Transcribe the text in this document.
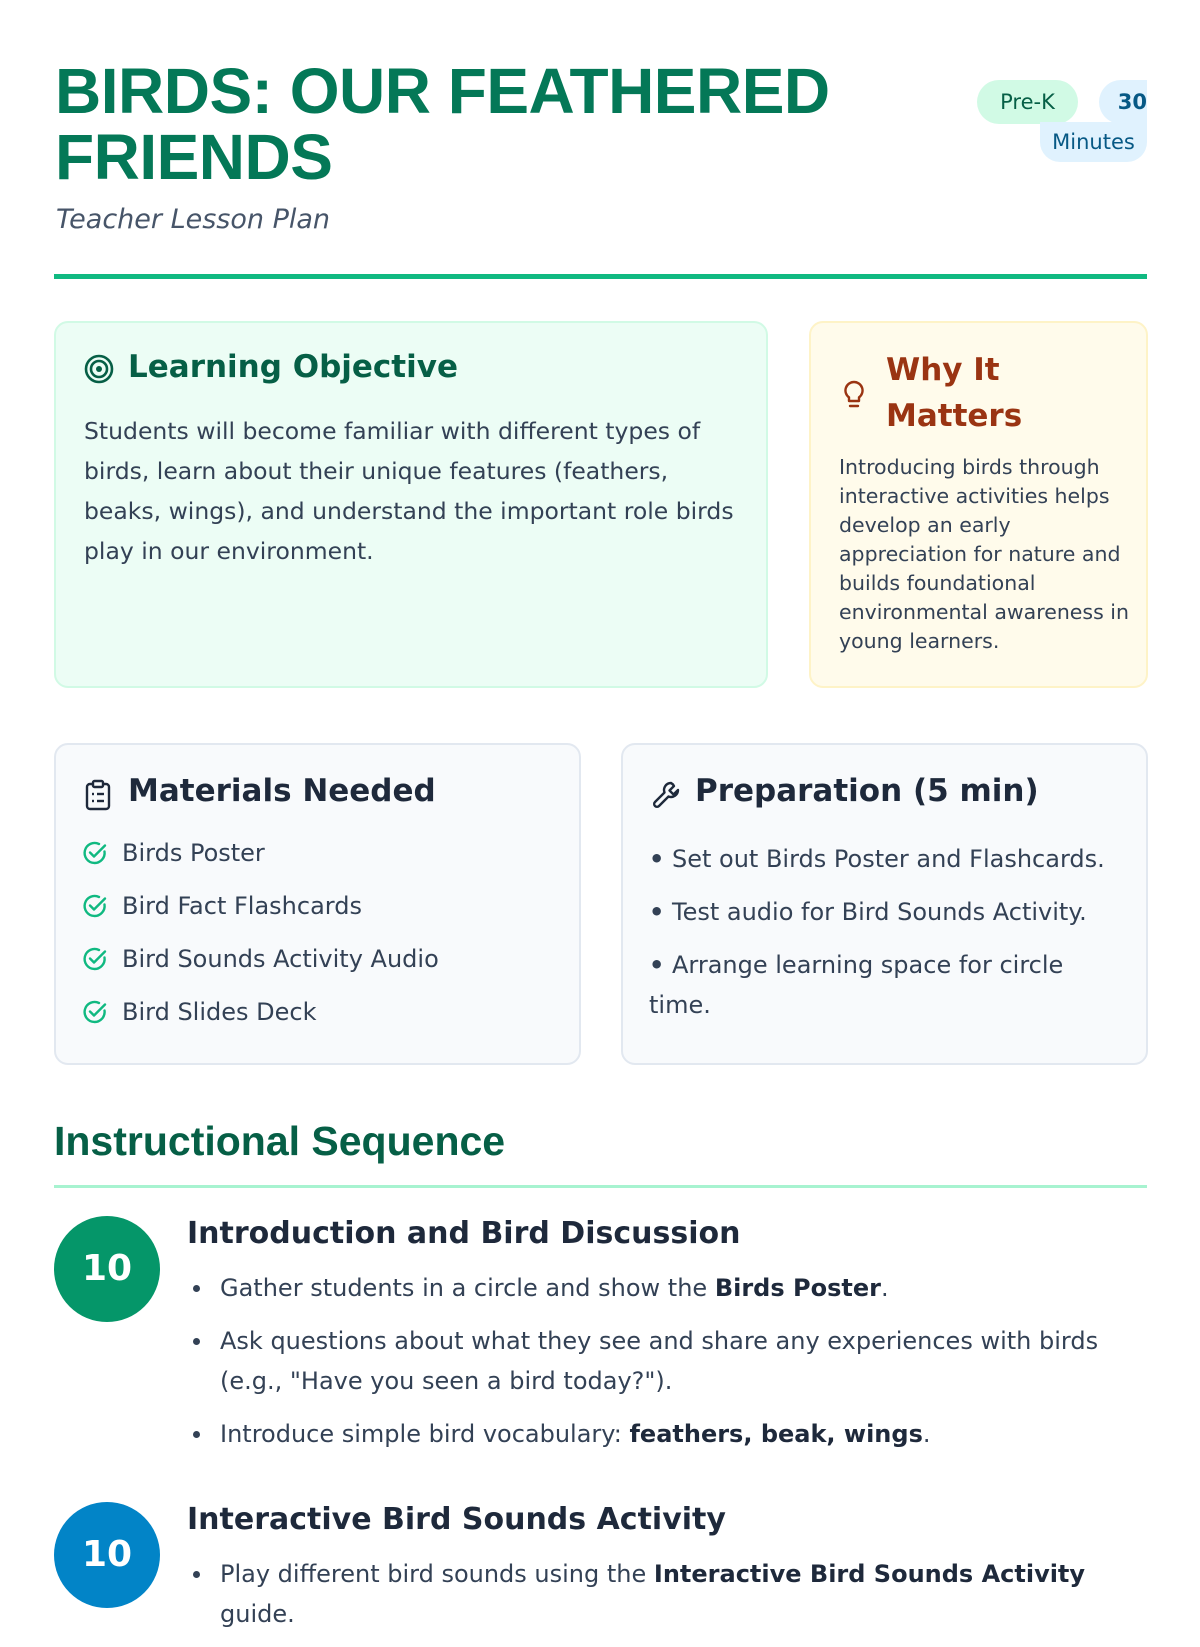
BIRDS: OUR FEATHERED FRIENDS

Teacher Lesson Plan

Pre-K	30
Minutes
Learning Objective

Students will become familiar with different types of birds, learn about their unique features (feathers, beaks, wings), and understand the important role birds play in our environment.

Why It Matters

Introducing birds through interactive activities helps develop an early appreciation for nature and builds foundational environmental awareness in young learners.

Materials Needed
Birds Poster
Bird Fact Flashcards
Bird Sounds Activity Audio
Bird Slides Deck
Preparation (5 min)
• Set out Birds Poster and Flashcards.
• Test audio for Bird Sounds Activity.
• Arrange learning space for circle time.
Instructional Sequence
10
Introduction and Bird Discussion
Gather students in a circle and show the Birds Poster.
Ask questions about what they see and share any experiences with birds (e.g., "Have you seen a bird today?").
Introduce simple bird vocabulary: feathers, beak, wings.
10
Interactive Bird Sounds Activity
Play different bird sounds using the Interactive Bird Sounds Activity guide.
